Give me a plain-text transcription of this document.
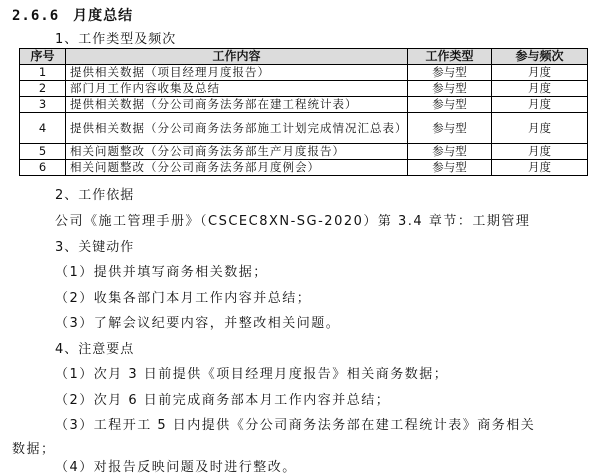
2.6.6 月度总结
1、工作类型及频次
序号	工作内容	工作类型	参与频次
1	提供相关数据（项目经理月度报告）	参与型	月度
2	部门月工作内容收集及总结	参与型	月度
3	提供相关数据（分公司商务法务部在建工程统计表）	参与型	月度
4	提供相关数据（分公司商务法务部施工计划完成情况汇总表）	参与型	月度
5	相关问题整改（分公司商务法务部生产月度报告）	参与型	月度
6	相关问题整改（分公司商务法务部月度例会）	参与型	月度
2、工作依据
公司《施工管理手册》（CSCEC8XN-SG-2020）第 3.4 章节：工期管理
3、关键动作
（1）提供并填写商务相关数据；
（2）收集各部门本月工作内容并总结；
（3）了解会议纪要内容，并整改相关问题。
4、注意要点
（1）次月 3 日前提供《项目经理月度报告》相关商务数据；
（2）次月 6 日前完成商务部本月工作内容并总结；
（3）工程开工 5 日内提供《分公司商务法务部在建工程统计表》商务相关
数据；
（4）对报告反映问题及时进行整改。
